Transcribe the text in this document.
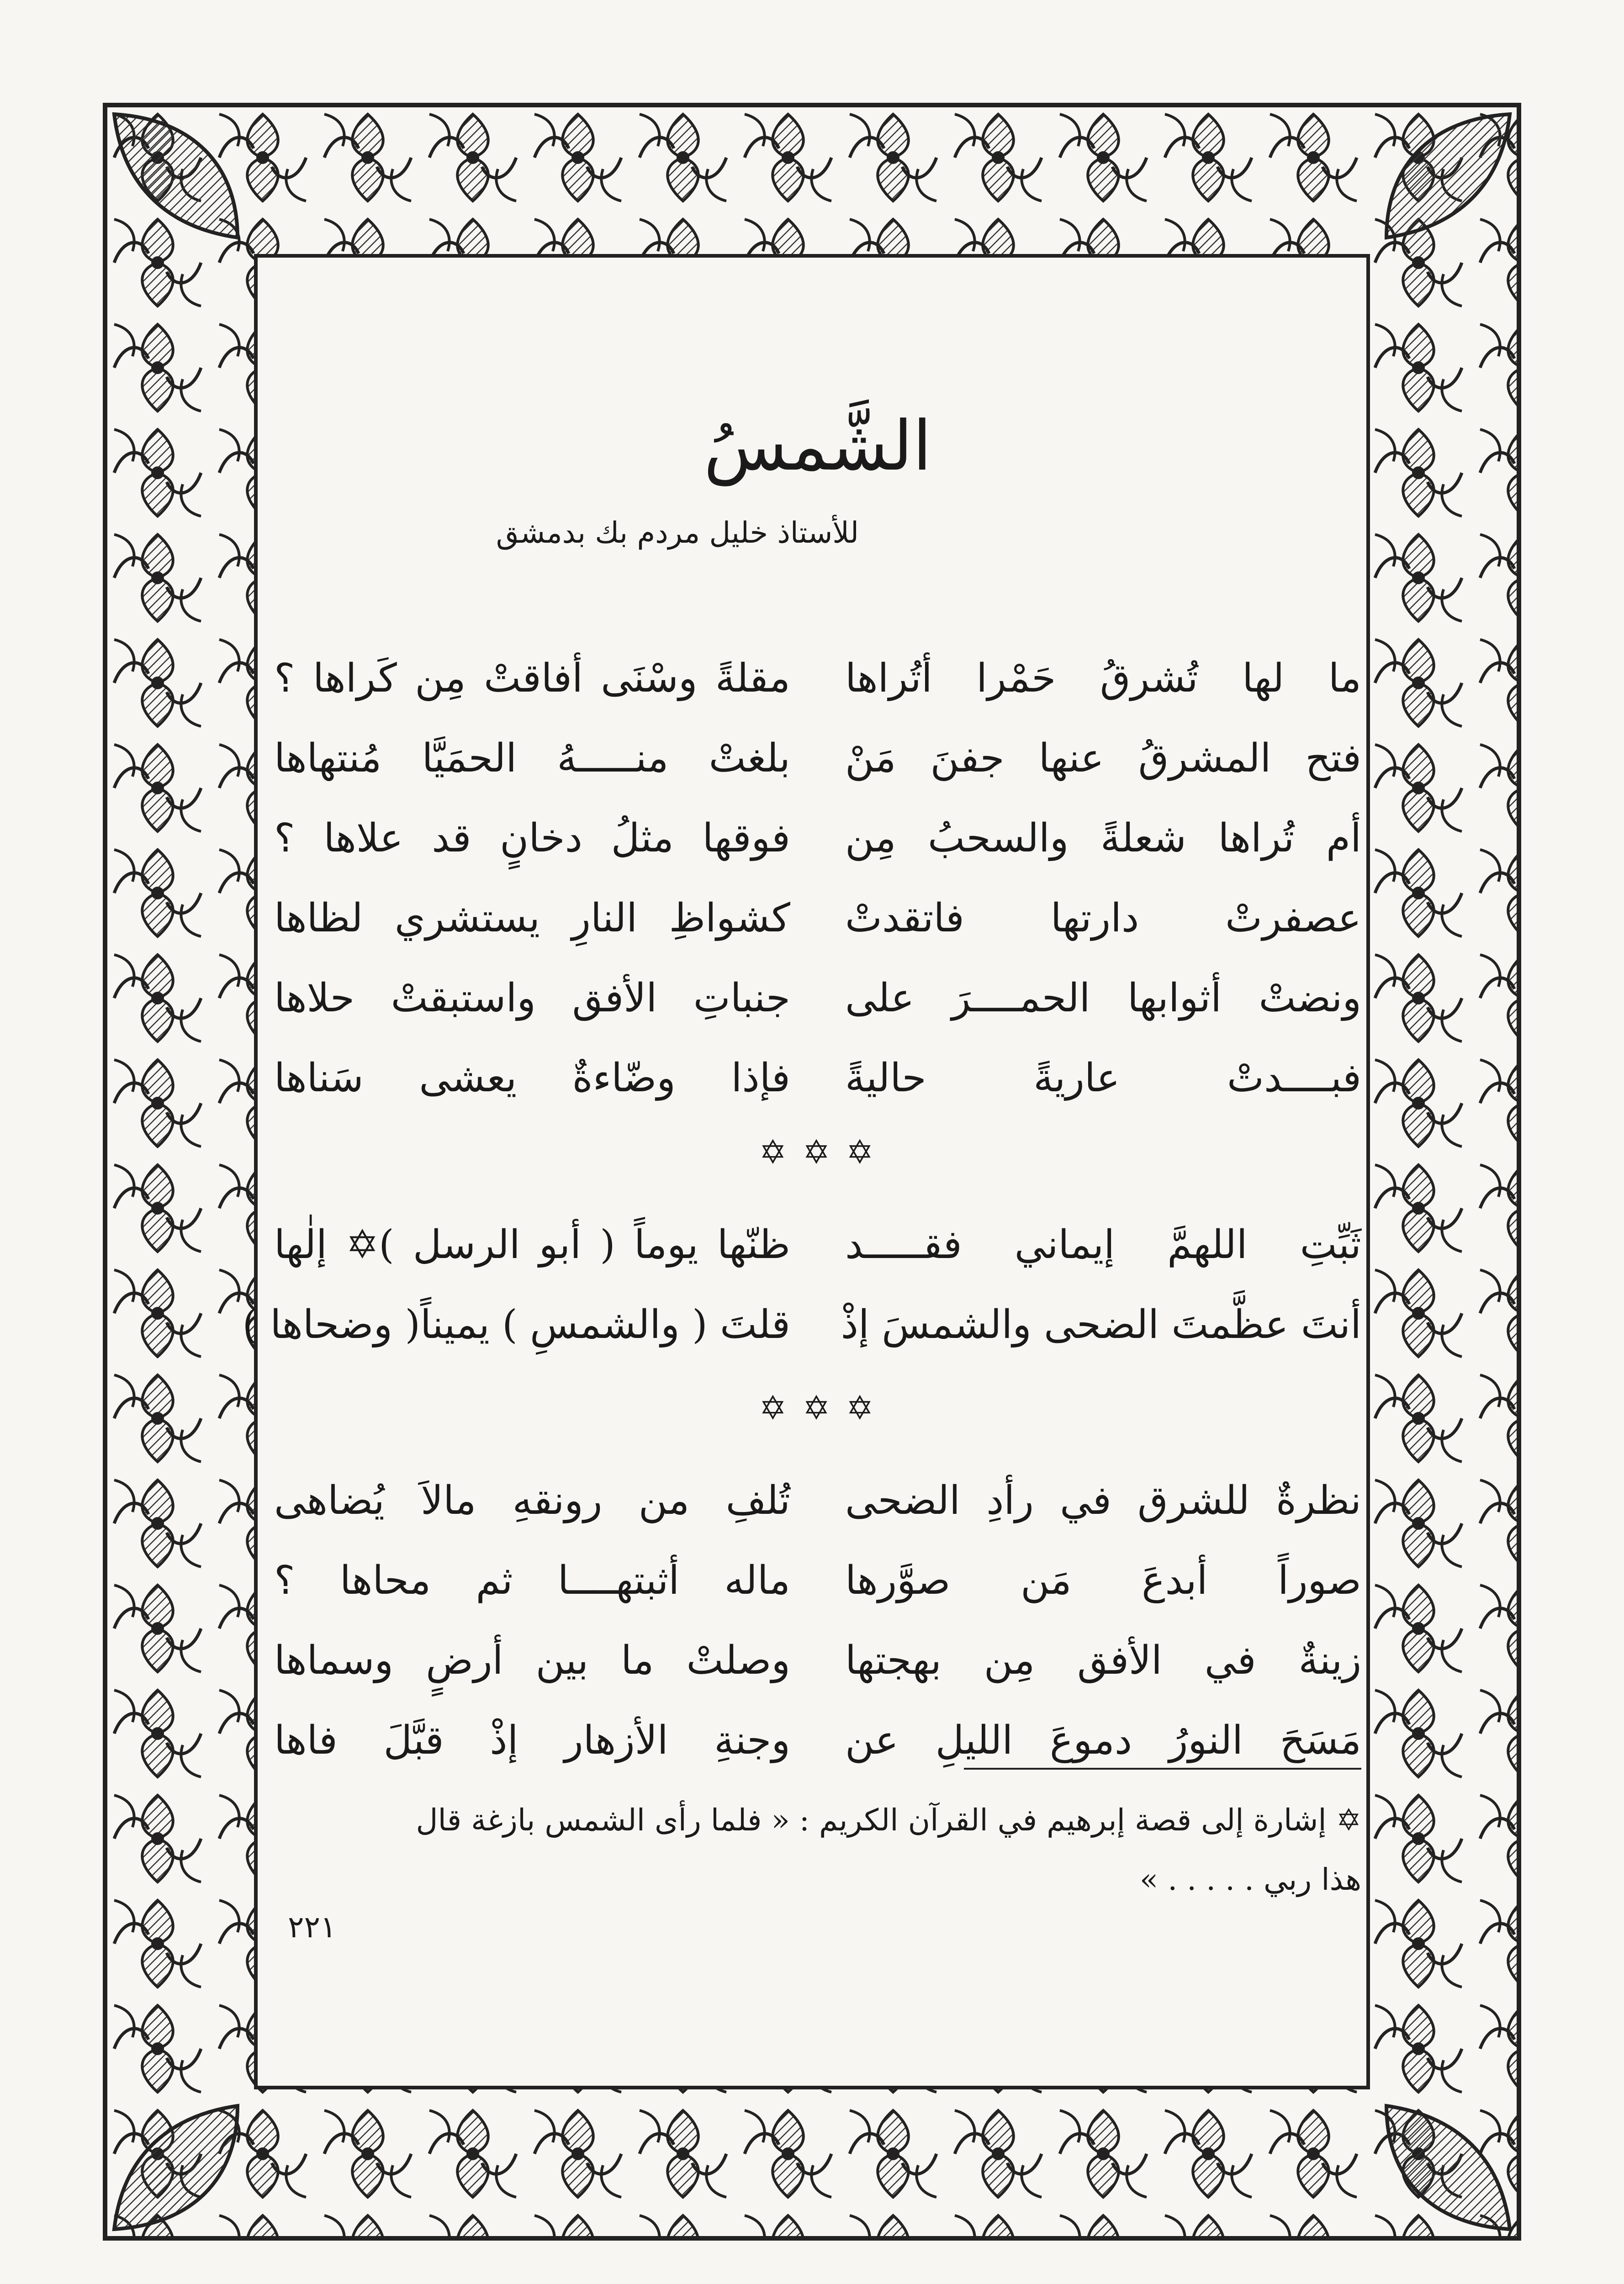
الشَّمسُ
للأستاذ خليل مردم بك بدمشق
ما لها تُشرقُ حَمْرا أتُراها
مقلةً وسْنَى أفاقتْ مِن كَراها ؟
فتح المشرقُ عنها جفنَ مَنْ
بلغتْ منـــــهُ الحمَيَّا مُنتهاها
أم تُراها شعلةً والسحبُ مِن
فوقها مثلُ دخانٍ قد علاها ؟
عصفرتْ دارتها فاتقدتْ
كشواظِ النارِ يستشري لظاها
ونضتْ أثوابها الحمــــرَ على
جنباتِ الأفق واستبقتْ حلاها
فبــــدتْ عاريةً حاليةً
فإذا وضّاءةٌ يعشى سَناها
✡ ✡ ✡
ثَبِّتِ اللهمَّ إيماني فقـــــد
ظنّها يوماً ( أبو الرسل )✡ إلٰها
أنتَ عظَّمتَ الضحى والشمسَ إذْ
قلتَ ( والشمسِ ) يميناً( وضحاها )
✡ ✡ ✡
نظرةٌ للشرق في رأدِ الضحى
تُلفِ من رونقهِ مالاَ يُضاهى
صوراً أبدعَ مَن صوَّرها
ماله أثبتهــــا ثم محاها ؟
زينةٌ في الأفق مِن بهجتها
وصلتْ ما بين أرضٍ وسماها
مَسَحَ النورُ دموعَ الليلِ عن
وجنةِ الأزهار إذْ قبَّلَ فاها
✡ إشارة إلى قصة إبرهيم في القرآن الكريم : « فلما رأى الشمس بازغة قال
هذا ربي . . . . . »
٢٢١
